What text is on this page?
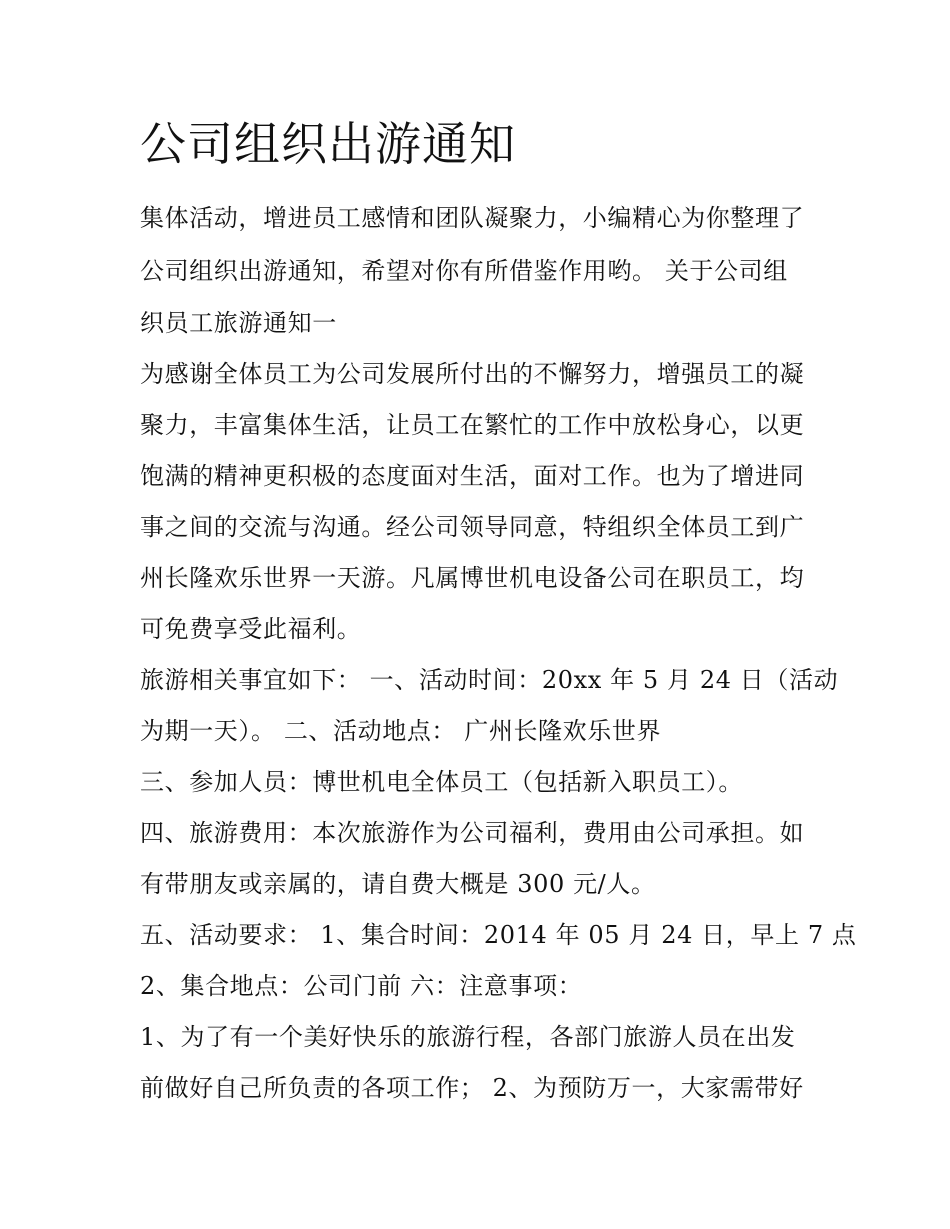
公司组织出游通知

集体活动，增进员工感情和团队凝聚力，小编精心为你整理了

公司组织出游通知，希望对你有所借鉴作用哟。 关于公司组

织员工旅游通知一

为感谢全体员工为公司发展所付出的不懈努力，增强员工的凝

聚力，丰富集体生活，让员工在繁忙的工作中放松身心，以更

饱满的精神更积极的态度面对生活，面对工作。也为了增进同

事之间的交流与沟通。经公司领导同意，特组织全体员工到广

州长隆欢乐世界一天游。凡属博世机电设备公司在职员工，均

可免费享受此福利。

旅游相关事宜如下： 一、活动时间：20xx 年 5 月 24 日（活动

为期一天）。 二、活动地点： 广州长隆欢乐世界

三、参加人员：博世机电全体员工（包括新入职员工）。

四、旅游费用：本次旅游作为公司福利，费用由公司承担。如

有带朋友或亲属的，请自费大概是 300 元/人。

五、活动要求： 1、集合时间：2014 年 05 月 24 日，早上 7 点

2、集合地点：公司门前 六：注意事项：

1、为了有一个美好快乐的旅游行程，各部门旅游人员在出发

前做好自己所负责的各项工作； 2、为预防万一，大家需带好
